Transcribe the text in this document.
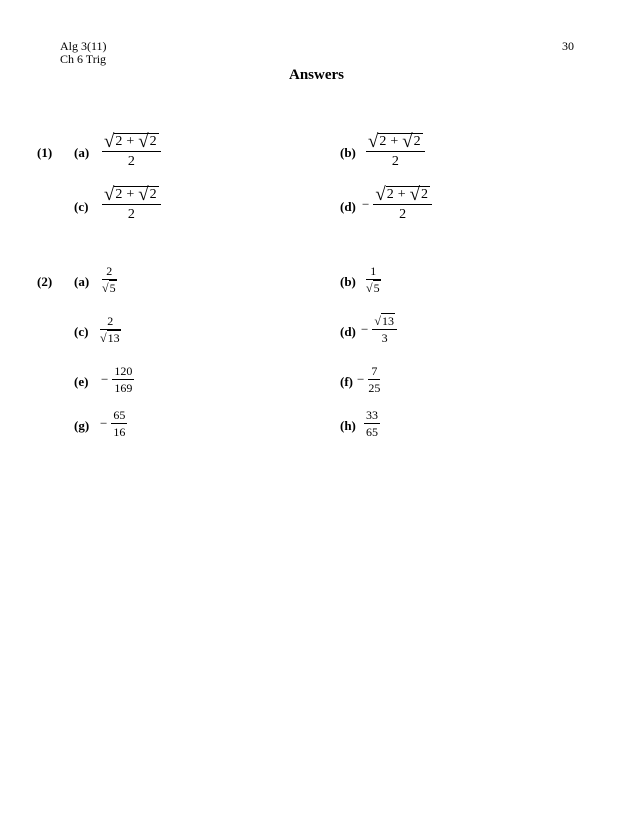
Alg 3(11)
Ch 6 Trig
30
Answers
(1) $(a) \frac{√2 + √2}{2}$	$(b) \frac{√2 + √2}{2}$
$(c) \frac{√2 + √2}{2}$	$(d) - \frac{√2 + √2}{2}$
(2) $(a) \frac{2}{√5}$	$(b) \frac{1}{√5}$
$(c) \frac{2}{√13}$	$(d) - \frac{√13}{3}$
$(e) - \frac{120}{169}$	$(f) - \frac{7}{25}$
$(g) - \frac{65}{16}$	$(h) \frac{33}{65}$
